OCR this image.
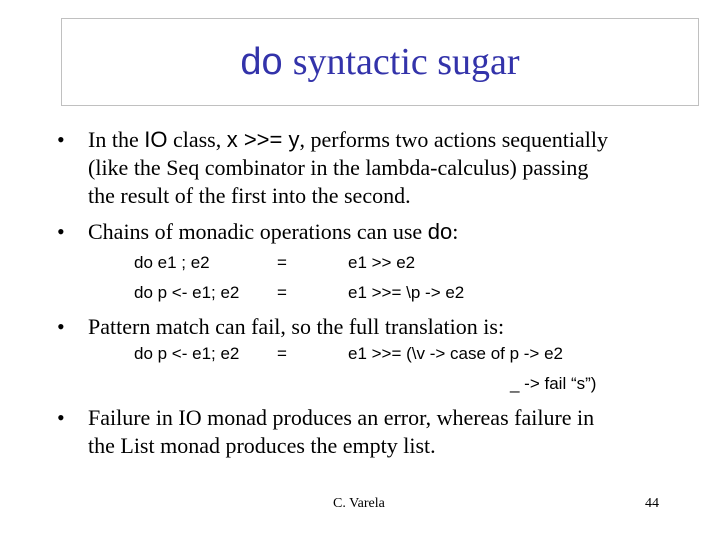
do syntactic sugar
• In the IO class, x >>= y, performs two actions sequentially
(like the Seq combinator in the lambda-calculus) passing
the result of the first into the second.
• Chains of monadic operations can use do:
do e1 ; e2	=	e1 >> e2
do p <- e1; e2 =	e1 >>= \p -> e2
• Pattern match can fail, so the full translation is:
do p <- e1; e2 =	e1 >>= (\v -> case of p -> e2
_ -> fail “s”)
• Failure in IO monad produces an error, whereas failure in
the List monad produces the empty list.
C. Varela	44
